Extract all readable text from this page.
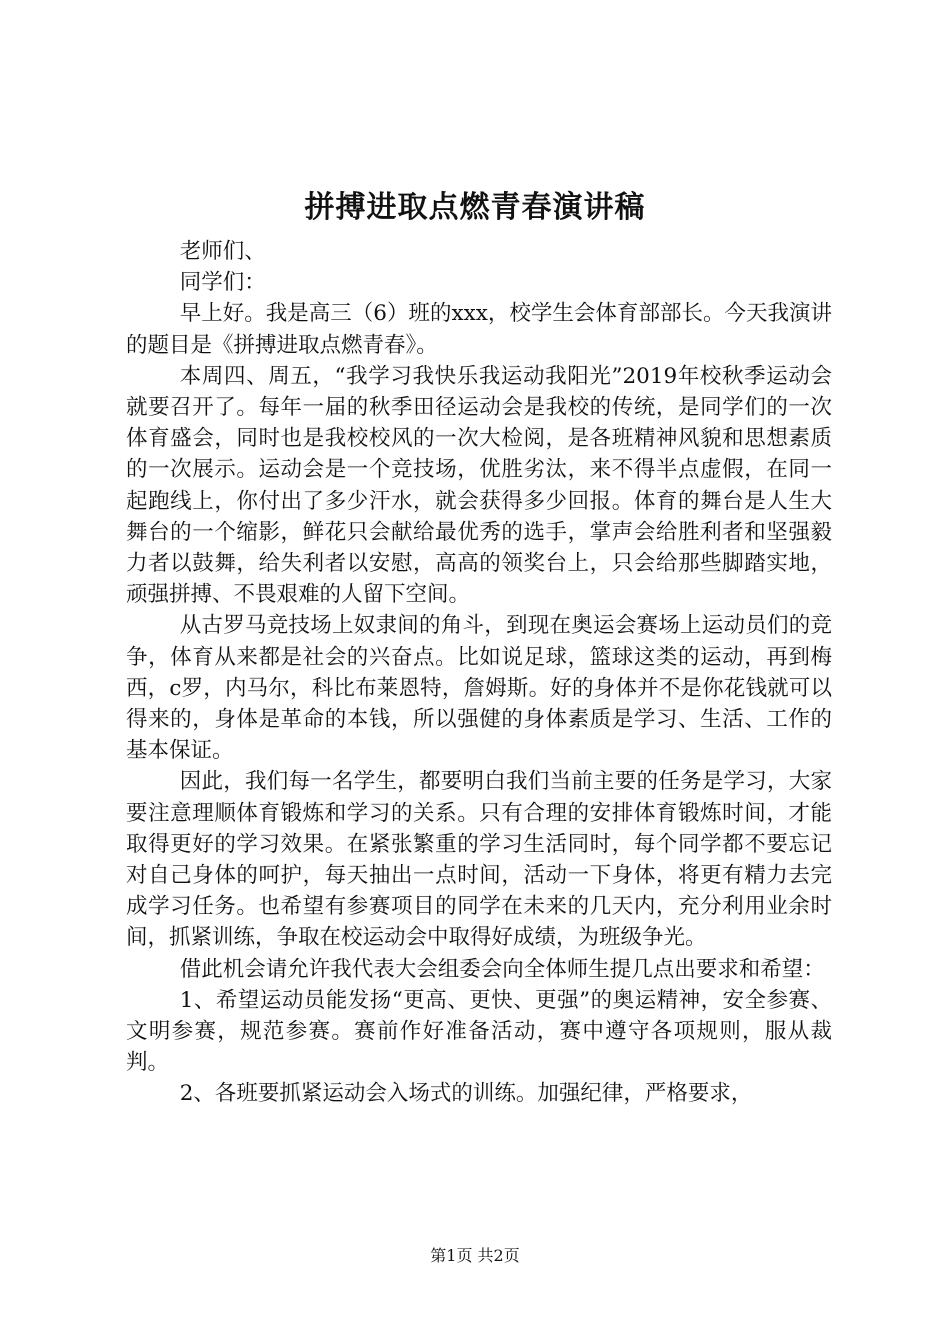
拼搏进取点燃青春演讲稿

老师们、

同学们：

早上好。我是高三（6）班的xxx，校学生会体育部部长。今天我演讲的题目是《拼搏进取点燃青春》。

本周四、周五，“我学习我快乐我运动我阳光”2019年校秋季运动会就要召开了。每年一届的秋季田径运动会是我校的传统，是同学们的一次体育盛会，同时也是我校校风的一次大检阅，是各班精神风貌和思想素质的一次展示。运动会是一个竞技场，优胜劣汰，来不得半点虚假，在同一起跑线上，你付出了多少汗水，就会获得多少回报。体育的舞台是人生大舞台的一个缩影，鲜花只会献给最优秀的选手，掌声会给胜利者和坚强毅力者以鼓舞，给失利者以安慰，高高的领奖台上，只会给那些脚踏实地，顽强拼搏、不畏艰难的人留下空间。

从古罗马竞技场上奴隶间的角斗，到现在奥运会赛场上运动员们的竞争，体育从来都是社会的兴奋点。比如说足球，篮球这类的运动，再到梅西，c罗，内马尔，科比布莱恩特，詹姆斯。好的身体并不是你花钱就可以得来的，身体是革命的本钱，所以强健的身体素质是学习、生活、工作的基本保证。

因此，我们每一名学生，都要明白我们当前主要的任务是学习，大家要注意理顺体育锻炼和学习的关系。只有合理的安排体育锻炼时间，才能取得更好的学习效果。在紧张繁重的学习生活同时，每个同学都不要忘记对自己身体的呵护，每天抽出一点时间，活动一下身体，将更有精力去完成学习任务。也希望有参赛项目的同学在未来的几天内，充分利用业余时间，抓紧训练，争取在校运动会中取得好成绩，为班级争光。

借此机会请允许我代表大会组委会向全体师生提几点出要求和希望：

1、希望运动员能发扬“更高、更快、更强”的奥运精神，安全参赛、文明参赛，规范参赛。赛前作好准备活动，赛中遵守各项规则，服从裁判。

2、各班要抓紧运动会入场式的训练。加强纪律，严格要求，

第1页 共2页
